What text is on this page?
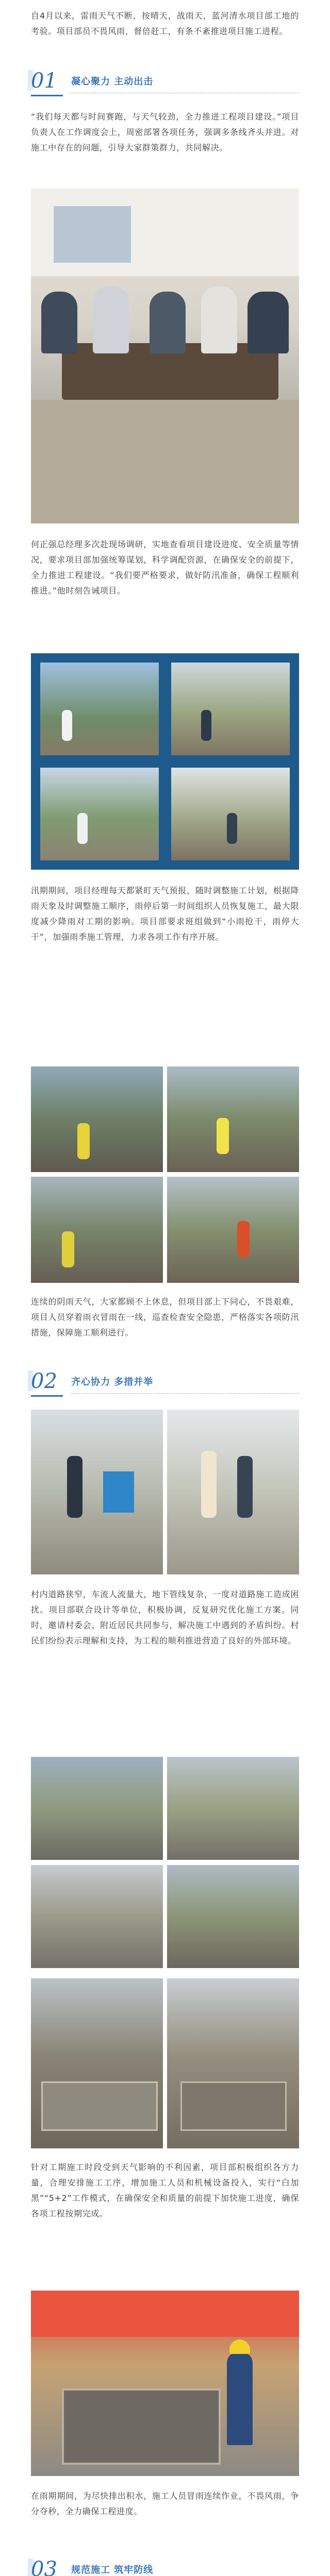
自4月以来，雷雨天气不断，按晴天，战雨天，蓝河清水项目部工地的考验。项目部员不畏风雨，督倍赶工，有条不紊推进项目施工进程。
01	凝心聚力 主动出击
“我们每天都与时间赛跑，与天气较劲，全力推进工程项目建设。”项目负责人在工作调度会上，周密部署各项任务，强调多条线齐头并进。对施工中存在的问题，引导大家群策群力，共同解决。
何正强总经理多次赴现场调研，实地查看项目建设进度、安全质量等情况，要求项目部加强统筹谋划，科学调配资源，在确保安全的前提下，全力推进工程建设。“我们要严格要求，做好防汛准备，确保工程顺利推进。”他时刻告诫项目。
汛期期间，项目经理每天都紧盯天气预报，随时调整施工计划，根据降雨天象及时调整施工顺序，雨停后第一时间组织人员恢复施工，最大限度减少降雨对工期的影响。项目部要求班组做到“小雨抢干，雨停大干”，加强雨季施工管理，力求各项工作有序开展。
连续的阴雨天气，大家都顾不上休息，但项目部上下同心，不畏艰难，项目人员穿着雨衣冒雨在一线，巡查检查安全隐患，严格落实各项防汛措施，保障施工顺利进行。
02	齐心协力 多措并举
村内道路狭窄，车流人流量大，地下管线复杂，一度对道路施工造成困扰。项目部联合设计等单位，积极协调，反复研究优化施工方案。同时，邀请村委会、附近居民共同参与，解决施工中遇到的矛盾纠纷。村民们纷纷表示理解和支持，为工程的顺利推进营造了良好的外部环境。
针对工期施工时段受到天气影响的不利因素，项目部积极组织各方力量，合理安排施工工序，增加施工人员和机械设备投入，实行“白加黑”“5+2”工作模式，在确保安全和质量的前提下加快施工进度，确保各项工程按期完成。
在雨期期间，为尽快排出积水，施工人员冒雨连续作业，不畏风雨，争分夺秒，全力确保工程进度。
03	规范施工 筑牢防线
